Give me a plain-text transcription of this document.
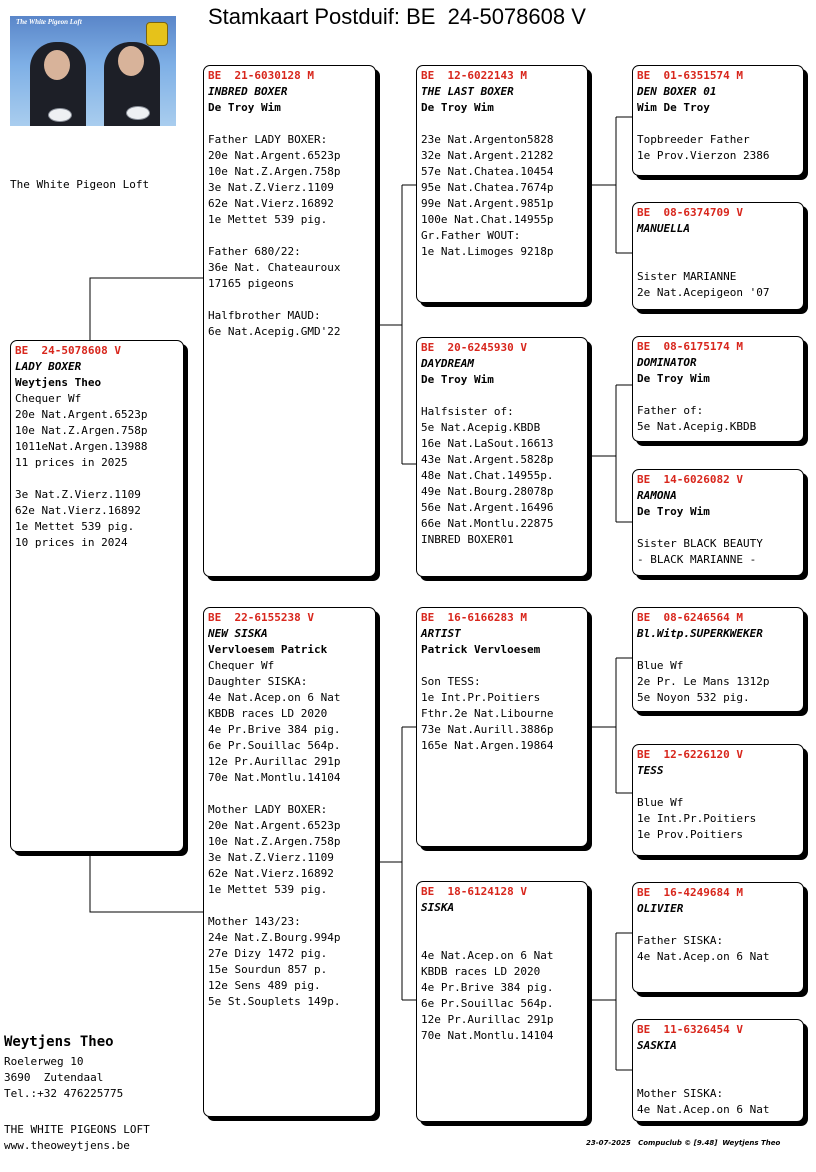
Stamkaart Postduif: BE  24-5078608 V
The White Pigeon Loft
The White Pigeon Loft
BE  24-5078608 V
LADY BOXER
Weytjens Theo
Chequer Wf
20e Nat.Argent.6523p
10e Nat.Z.Argen.758p
1011eNat.Argen.13988
11 prices in 2025
3e Nat.Z.Vierz.1109
62e Nat.Vierz.16892
1e Mettet 539 pig.
10 prices in 2024
BE  21-6030128 M
INBRED BOXER
De Troy Wim
Father LADY BOXER:
20e Nat.Argent.6523p
10e Nat.Z.Argen.758p
3e Nat.Z.Vierz.1109
62e Nat.Vierz.16892
1e Mettet 539 pig.
Father 680/22:
36e Nat. Chateauroux
17165 pigeons
Halfbrother MAUD:
6e Nat.Acepig.GMD'22
BE  22-6155238 V
NEW SISKA
Vervloesem Patrick
Chequer Wf
Daughter SISKA:
4e Nat.Acep.on 6 Nat
KBDB races LD 2020
4e Pr.Brive 384 pig.
6e Pr.Souillac 564p.
12e Pr.Aurillac 291p
70e Nat.Montlu.14104
Mother LADY BOXER:
20e Nat.Argent.6523p
10e Nat.Z.Argen.758p
3e Nat.Z.Vierz.1109
62e Nat.Vierz.16892
1e Mettet 539 pig.
Mother 143/23:
24e Nat.Z.Bourg.994p
27e Dizy 1472 pig.
15e Sourdun 857 p.
12e Sens 489 pig.
5e St.Souplets 149p.
BE  12-6022143 M
THE LAST BOXER
De Troy Wim
23e Nat.Argenton5828
32e Nat.Argent.21282
57e Nat.Chatea.10454
95e Nat.Chatea.7674p
99e Nat.Argent.9851p
100e Nat.Chat.14955p
Gr.Father WOUT:
1e Nat.Limoges 9218p
BE  20-6245930 V
DAYDREAM
De Troy Wim
Halfsister of:
5e Nat.Acepig.KBDB
16e Nat.LaSout.16613
43e Nat.Argent.5828p
48e Nat.Chat.14955p.
49e Nat.Bourg.28078p
56e Nat.Argent.16496
66e Nat.Montlu.22875
INBRED BOXER01
BE  16-6166283 M
ARTIST
Patrick Vervloesem
Son TESS:
1e Int.Pr.Poitiers
Fthr.2e Nat.Libourne
73e Nat.Aurill.3886p
165e Nat.Argen.19864
BE  18-6124128 V
SISKA
4e Nat.Acep.on 6 Nat
KBDB races LD 2020
4e Pr.Brive 384 pig.
6e Pr.Souillac 564p.
12e Pr.Aurillac 291p
70e Nat.Montlu.14104
BE  01-6351574 M
DEN BOXER 01
Wim De Troy
Topbreeder Father
1e Prov.Vierzon 2386
BE  08-6374709 V
MANUELLA
Sister MARIANNE
2e Nat.Acepigeon '07
BE  08-6175174 M
DOMINATOR
De Troy Wim
Father of:
5e Nat.Acepig.KBDB
BE  14-6026082 V
RAMONA
De Troy Wim
Sister BLACK BEAUTY
- BLACK MARIANNE -
BE  08-6246564 M
Bl.Witp.SUPERKWEKER
Blue Wf
2e Pr. Le Mans 1312p
5e Noyon 532 pig.
BE  12-6226120 V
TESS
Blue Wf
1e Int.Pr.Poitiers
1e Prov.Poitiers
BE  16-4249684 M
OLIVIER
Father SISKA:
4e Nat.Acep.on 6 Nat
BE  11-6326454 V
SASKIA
Mother SISKA:
4e Nat.Acep.on 6 Nat
Weytjens Theo
Roelerweg 10
3690  Zutendaal
Tel.:+32 476225775
THE WHITE PIGEONS LOFT
www.theoweytjens.be	23-07-2025   Compuclub © [9.48]  Weytjens Theo
